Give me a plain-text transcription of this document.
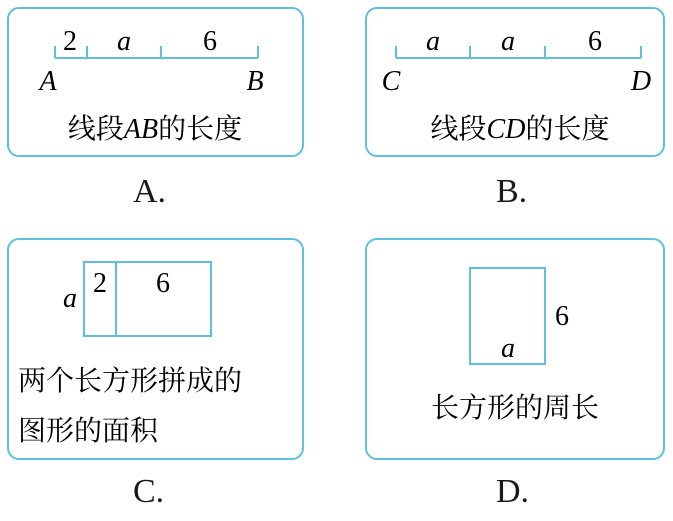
2 a	6
A	B
线段AB的长度
a a	6
C	D
线段CD的长度
a 2 6
两个长方形拼成的
图形的面积
6
a
长方形的周长
A.	B.
C.	D.
